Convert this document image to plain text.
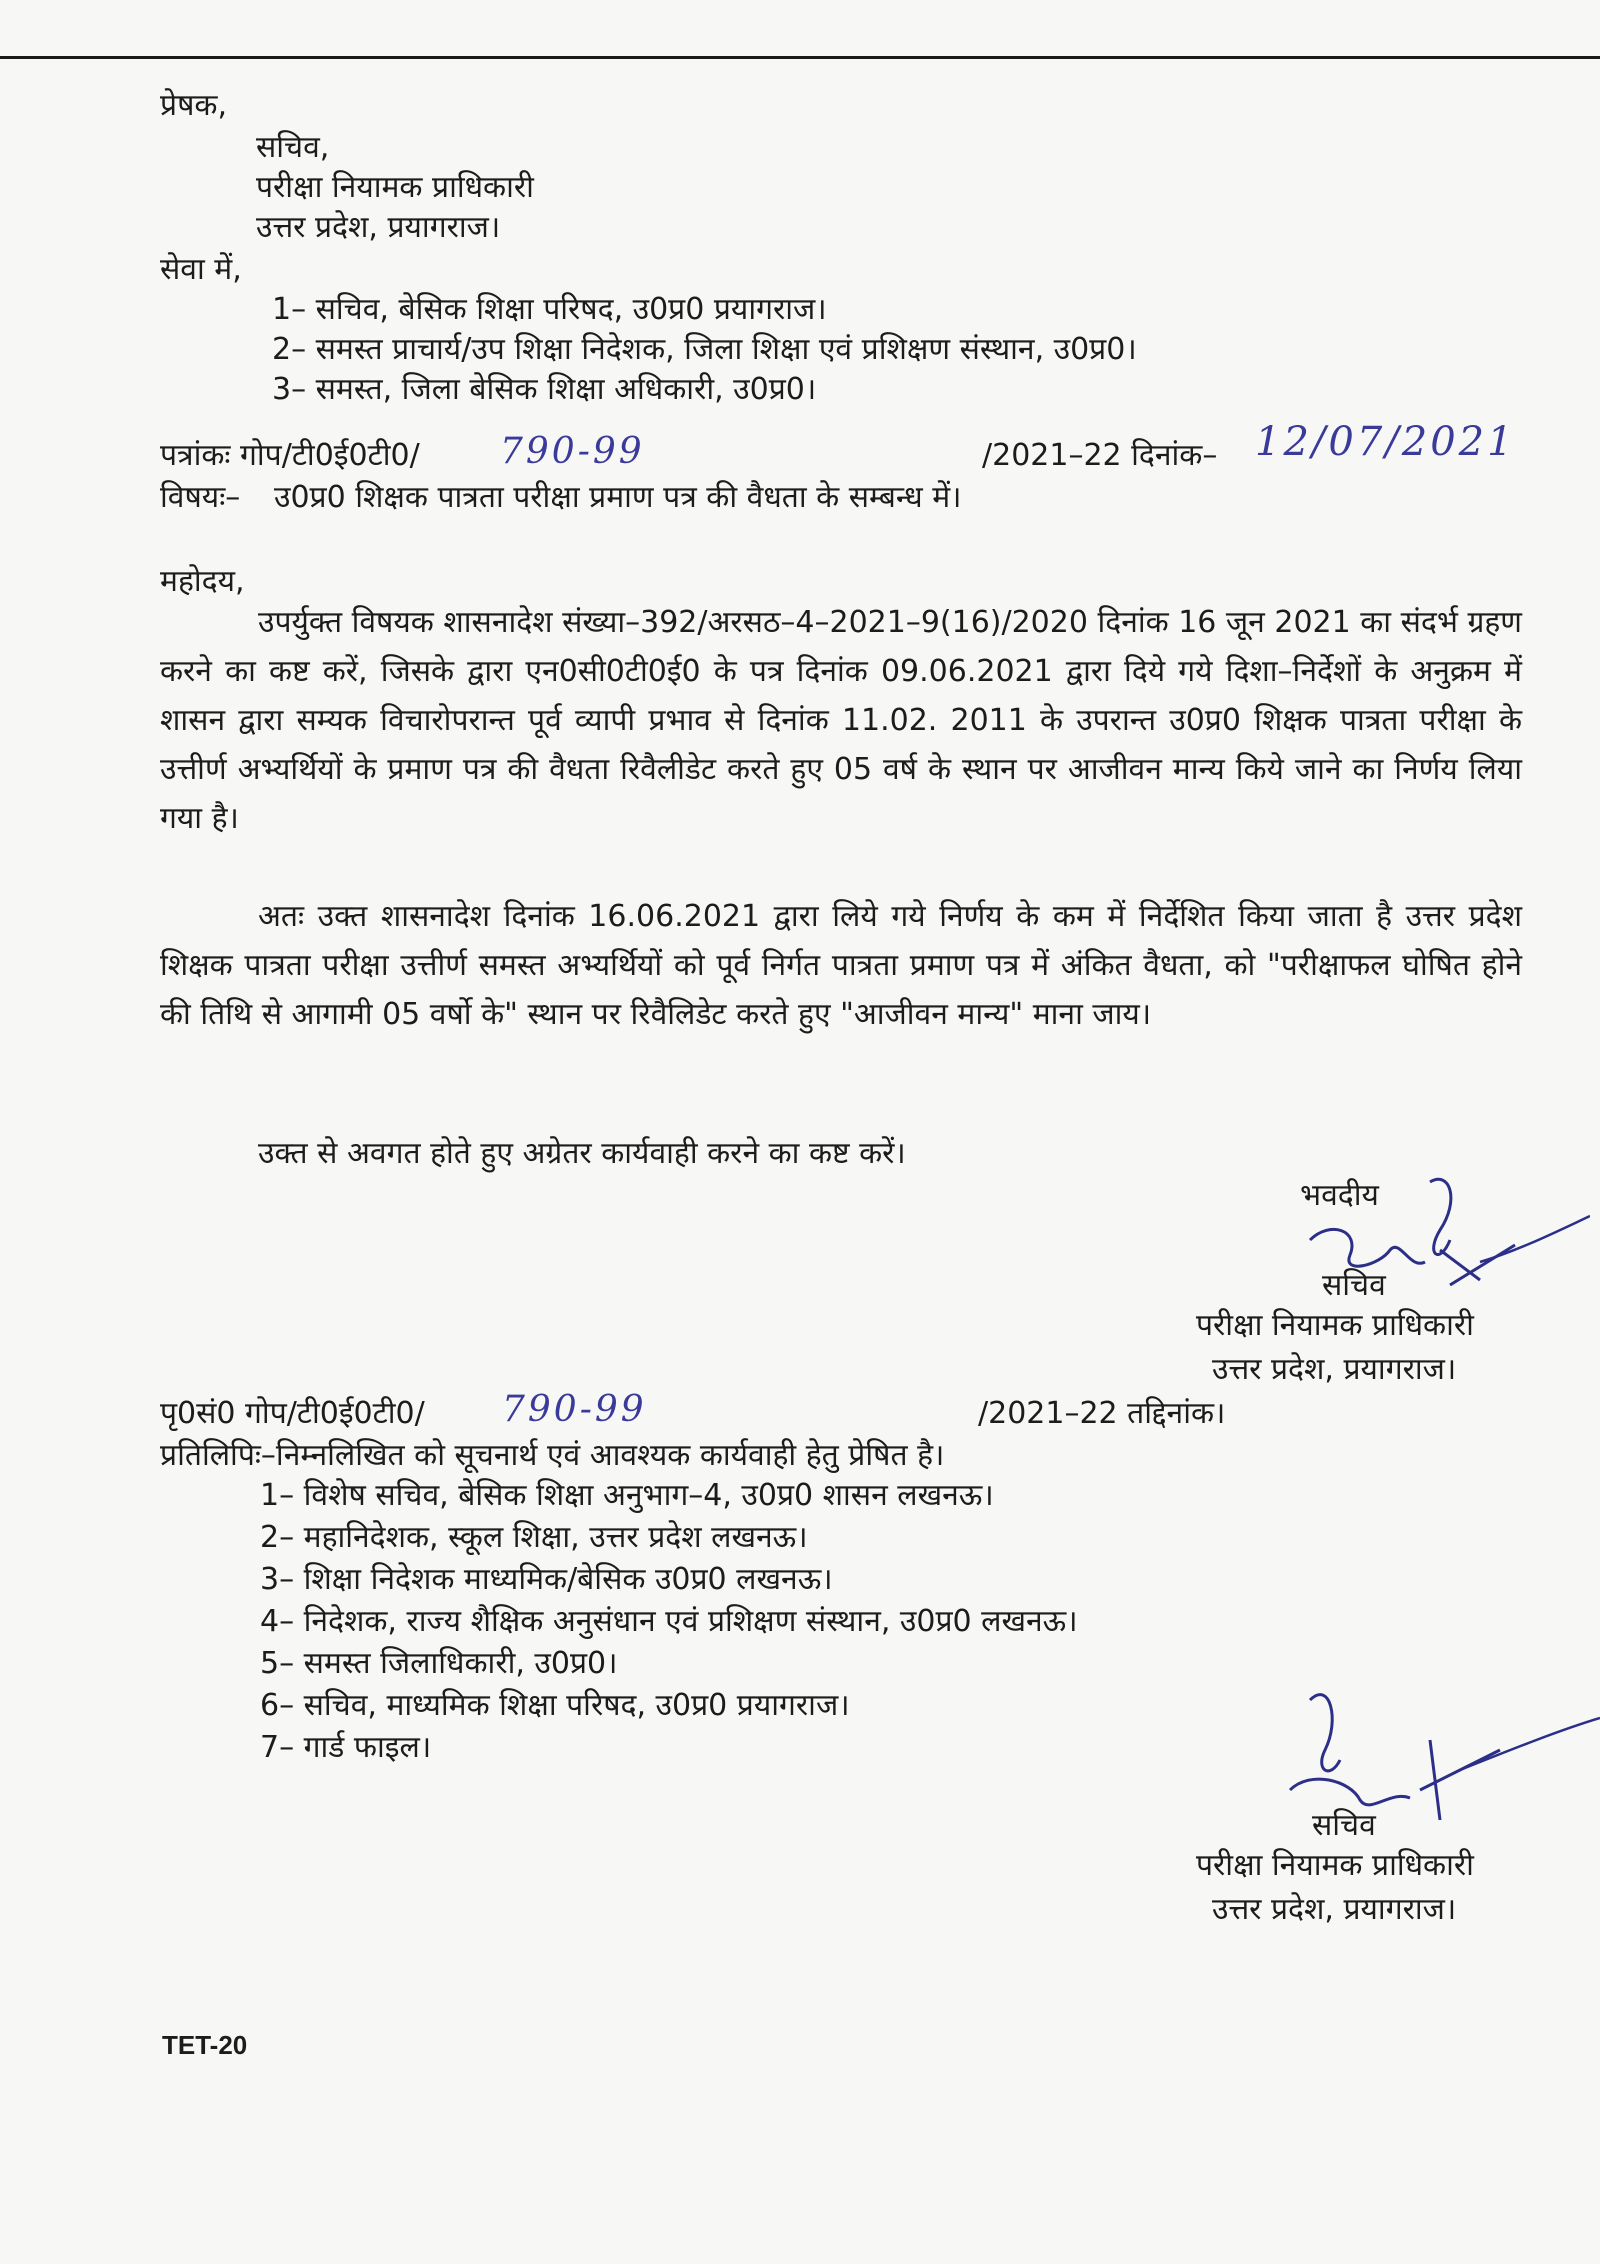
प्रेषक,
सचिव,
परीक्षा नियामक प्राधिकारी
उत्तर प्रदेश, प्रयागराज।
सेवा में,
1– सचिव, बेसिक शिक्षा परिषद, उ0प्र0 प्रयागराज।
2– समस्त प्राचार्य/उप शिक्षा निदेशक, जिला शिक्षा एवं प्रशिक्षण संस्थान, उ0प्र0।
3– समस्त, जिला बेसिक शिक्षा अधिकारी, उ0प्र0।
पत्रांकः गोप/टी0ई0टी0/ 790-99	/2021–22 दिनांक– 12/07/2021
विषयः– उ0प्र0 शिक्षक पात्रता परीक्षा प्रमाण पत्र की वैधता के सम्बन्ध में।
महोदय,
उपर्युक्त विषयक शासनादेश संख्या–392/अरसठ–4–2021–9(16)/2020 दिनांक 16 जून 2021 का संदर्भ ग्रहण करने का कष्ट करें, जिसके द्वारा एन0सी0टी0ई0 के पत्र दिनांक 09.06.2021 द्वारा दिये गये दिशा–निर्देशों के अनुक्रम में शासन द्वारा सम्यक विचारोपरान्त पूर्व व्यापी प्रभाव से दिनांक 11.02. 2011 के उपरान्त उ0प्र0 शिक्षक पात्रता परीक्षा के उत्तीर्ण अभ्यर्थियों के प्रमाण पत्र की वैधता रिवैलीडेट करते हुए 05 वर्ष के स्थान पर आजीवन मान्य किये जाने का निर्णय लिया गया है।
अतः उक्त शासनादेश दिनांक 16.06.2021 द्वारा लिये गये निर्णय के कम में निर्देशित किया जाता है उत्तर प्रदेश शिक्षक पात्रता परीक्षा उत्तीर्ण समस्त अभ्यर्थियों को पूर्व निर्गत पात्रता प्रमाण पत्र में अंकित वैधता, को "परीक्षाफल घोषित होने की तिथि से आगामी 05 वर्षो के" स्थान पर रिवैलिडेट करते हुए "आजीवन मान्य" माना जाय।
उक्त से अवगत होते हुए अग्रेतर कार्यवाही करने का कष्ट करें।
भवदीय
सचिव
परीक्षा नियामक प्राधिकारी
उत्तर प्रदेश, प्रयागराज।
पृ0सं0 गोप/टी0ई0टी0/ 790-99	/2021–22 तद्दिनांक।
प्रतिलिपिः–निम्नलिखित को सूचनार्थ एवं आवश्यक कार्यवाही हेतु प्रेषित है।
1– विशेष सचिव, बेसिक शिक्षा अनुभाग–4, उ0प्र0 शासन लखनऊ।
2– महानिदेशक, स्कूल शिक्षा, उत्तर प्रदेश लखनऊ।
3– शिक्षा निदेशक माध्यमिक/बेसिक उ0प्र0 लखनऊ।
4– निदेशक, राज्य शैक्षिक अनुसंधान एवं प्रशिक्षण संस्थान, उ0प्र0 लखनऊ।
5– समस्त जिलाधिकारी, उ0प्र0।
6– सचिव, माध्यमिक शिक्षा परिषद, उ0प्र0 प्रयागराज।
7– गार्ड फाइल।
सचिव
परीक्षा नियामक प्राधिकारी
उत्तर प्रदेश, प्रयागराज।
TET-20
